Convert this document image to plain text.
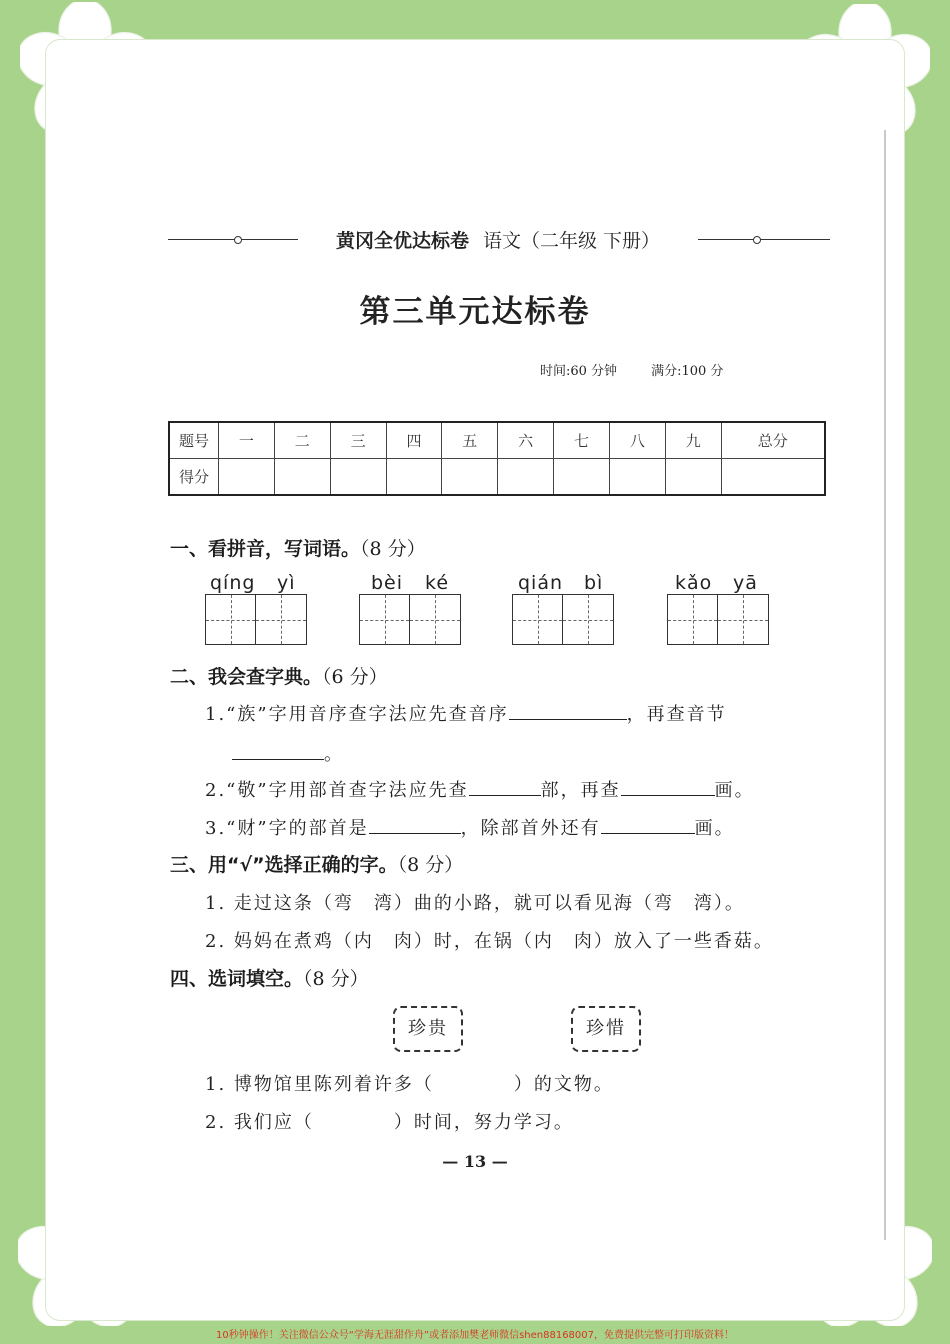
黄冈全优达标卷 语文（二年级 下册）
第三单元达标卷
时间:60 分钟	满分:100 分
题号	一	二	三	四	五	六	七	八	九	总分
得分										
一、看拼音，写词语。（8 分）
qíng yì	bèi ké	qián bì	kǎo yā
二、我会查字典。（6 分）
1.“族”字用音序查字法应先查音序	，再查音节
。
2.“敬”字用部首查字法应先查	部，再查	画。
3.“财”字的部首是	，除部首外还有	画。
三、用“√”选择正确的字。（8 分）
1. 走过这条（弯　湾）曲的小路，就可以看见海（弯　湾）。
2. 妈妈在煮鸡（内　肉）时，在锅（内　肉）放入了一些香菇。
四、选词填空。（8 分）
珍贵	珍惜
1. 博物馆里陈列着许多（　　　　）的文物。
2. 我们应（　　　　）时间，努力学习。
— 13 —
10秒钟操作！关注微信公众号“学海无涯甜作舟”或者添加樊老师微信shen88168007，免费提供完整可打印版资料！
